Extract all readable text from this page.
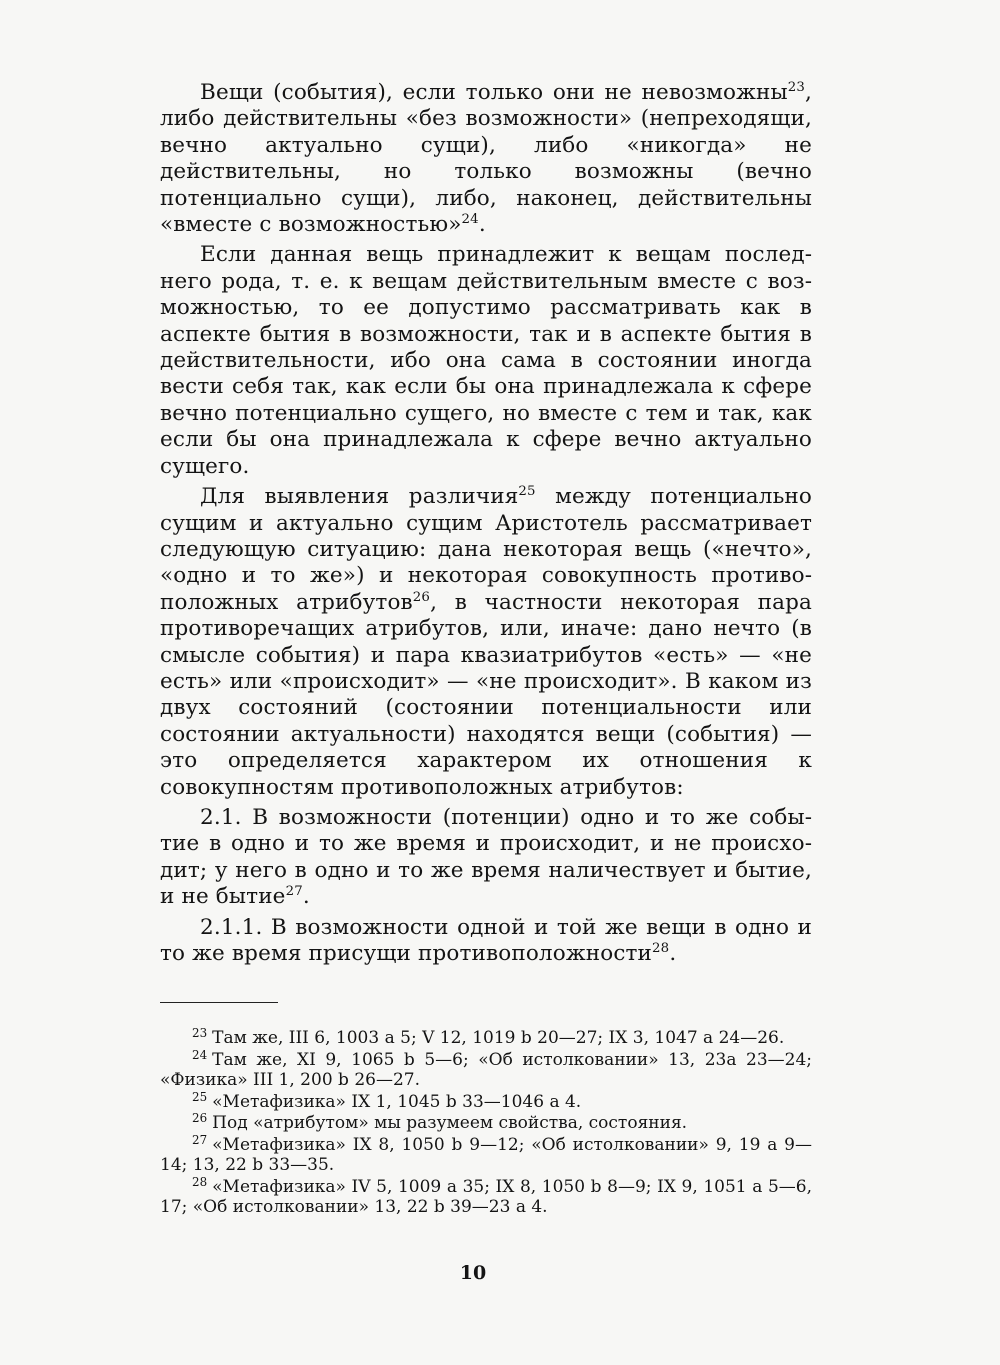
Вещи (события), если только они не невозможны$^{23}$, либо действительны «без возможности» (непреходящи, вечно актуально сущи), либо «никогда» не действительны, но только возможны (вечно потенциально сущи), либо, наконец, действительны «вместе с возможностью»$^{24}$.

Если данная вещь принадлежит к вещам последнего рода, т. е. к вещам действительным вместе с возможностью, то ее допустимо рассматривать как в аспекте бытия в возможности, так и в аспекте бытия в действительности, ибо она сама в состоянии иногда вести себя так, как если бы она принадлежала к сфере вечно потенциально сущего, но вместе с тем и так, как если бы она принадлежала к сфере вечно актуально сущего.

Для выявления различия$^{25}$ между потенциально сущим и актуально сущим Аристотель рассматривает следующую ситуацию: дана некоторая вещь («нечто», «одно и то же») и некоторая совокупность противоположных атрибутов$^{26}$, в частности некоторая пара противоречащих атрибутов, или, иначе: дано нечто (в смысле события) и пара квазиатрибутов «есть» — «не есть» или «происходит» — «не происходит». В каком из двух состояний (состоянии потенциальности или состоянии актуальности) находятся вещи (события) — это определяется характером их отношения к совокупностям противоположных атрибутов:

2.1. В возможности (потенции) одно и то же событие в одно и то же время и происходит, и не происходит; у него в одно и то же время наличествует и бытие, и не бытие$^{27}$.

2.1.1. В возможности одной и той же вещи в одно и то же время присущи противоположности$^{28}$.

$^{23}$ Там же, III 6, 1003 a 5; V 12, 1019 b 20—27; IX 3, 1047 a 24—26.
$^{24}$ Там же, XI 9, 1065 b 5—6; «Об истолковании» 13, 23a 23—24; «Физика» III 1, 200 b 26—27.
$^{25}$ «Метафизика» IX 1, 1045 b 33—1046 a 4.
$^{26}$ Под «атрибутом» мы разумеем свойства, состояния.
$^{27}$ «Метафизика» IX 8, 1050 b 9—12; «Об истолковании» 9, 19 a 9—14; 13, 22 b 33—35.
$^{28}$ «Метафизика» IV 5, 1009 a 35; IX 8, 1050 b 8—9; IX 9, 1051 a 5—6, 17; «Об истолковании» 13, 22 b 39—23 a 4.
10
